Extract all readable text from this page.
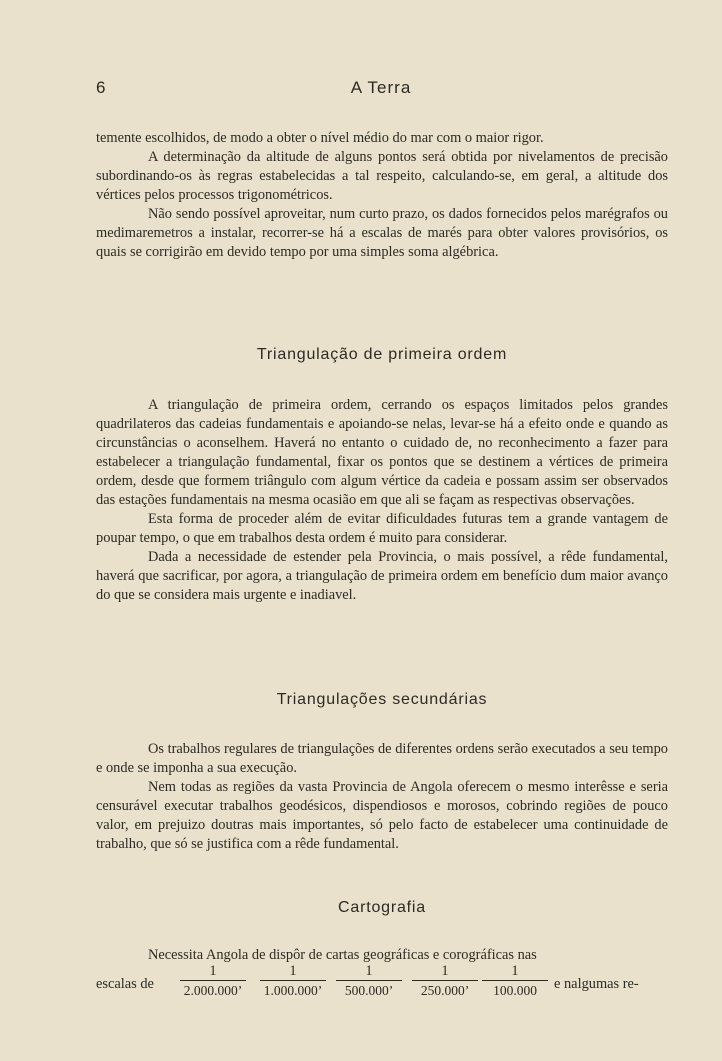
6	A Terra

temente escolhidos, de modo a obter o nível médio do mar com o maior rigor.

A determinação da altitude de alguns pontos será obtida por nivelamentos de precisão subordinando-os às regras estabelecidas a tal respeito, calculando-se, em geral, a altitude dos vértices pelos processos trigonométricos.

Não sendo possível aproveitar, num curto prazo, os dados fornecidos pelos marégrafos ou medimaremetros a instalar, recorrer-se há a escalas de marés para obter valores provisórios, os quais se corrigirão em devido tempo por uma simples soma algébrica.

Triangulação de primeira ordem

A triangulação de primeira ordem, cerrando os espaços limitados pelos grandes quadrilateros das cadeias fundamentais e apoiando-se nelas, levar-se há a efeito onde e quando as circunstâncias o aconselhem. Haverá no entanto o cuidado de, no reconhecimento a fazer para estabelecer a triangulação fundamental, fixar os pontos que se destinem a vértices de primeira ordem, desde que formem triângulo com algum vértice da cadeia e possam assim ser observados das estações fundamentais na mesma ocasião em que ali se façam as respectivas observações.

Esta forma de proceder além de evitar dificuldades futuras tem a grande vantagem de poupar tempo, o que em trabalhos desta ordem é muito para considerar.

Dada a necessidade de estender pela Provincia, o mais possível, a rêde fundamental, haverá que sacrificar, por agora, a triangulação de primeira ordem em benefício dum maior avanço do que se considera mais urgente e inadiavel.

Triangulações secundárias

Os trabalhos regulares de triangulações de diferentes ordens serão executados a seu tempo e onde se imponha a sua execução.

Nem todas as regiões da vasta Provincia de Angola oferecem o mesmo interêsse e seria censurável executar trabalhos geodésicos, dispendiosos e morosos, cobrindo regiões de pouco valor, em prejuizo doutras mais importantes, só pelo facto de estabelecer uma continuidade de trabalho, que só se justifica com a rêde fundamental.

Cartografia

Necessita Angola de dispôr de cartas geográficas e corográficas nas

escalas de $\frac{1}{2.000.000’} \frac{1}{1.000.000’} \frac{1}{500.000’} \frac{1}{250.000’} \frac{1}{100.000}$ e nalgumas re-
